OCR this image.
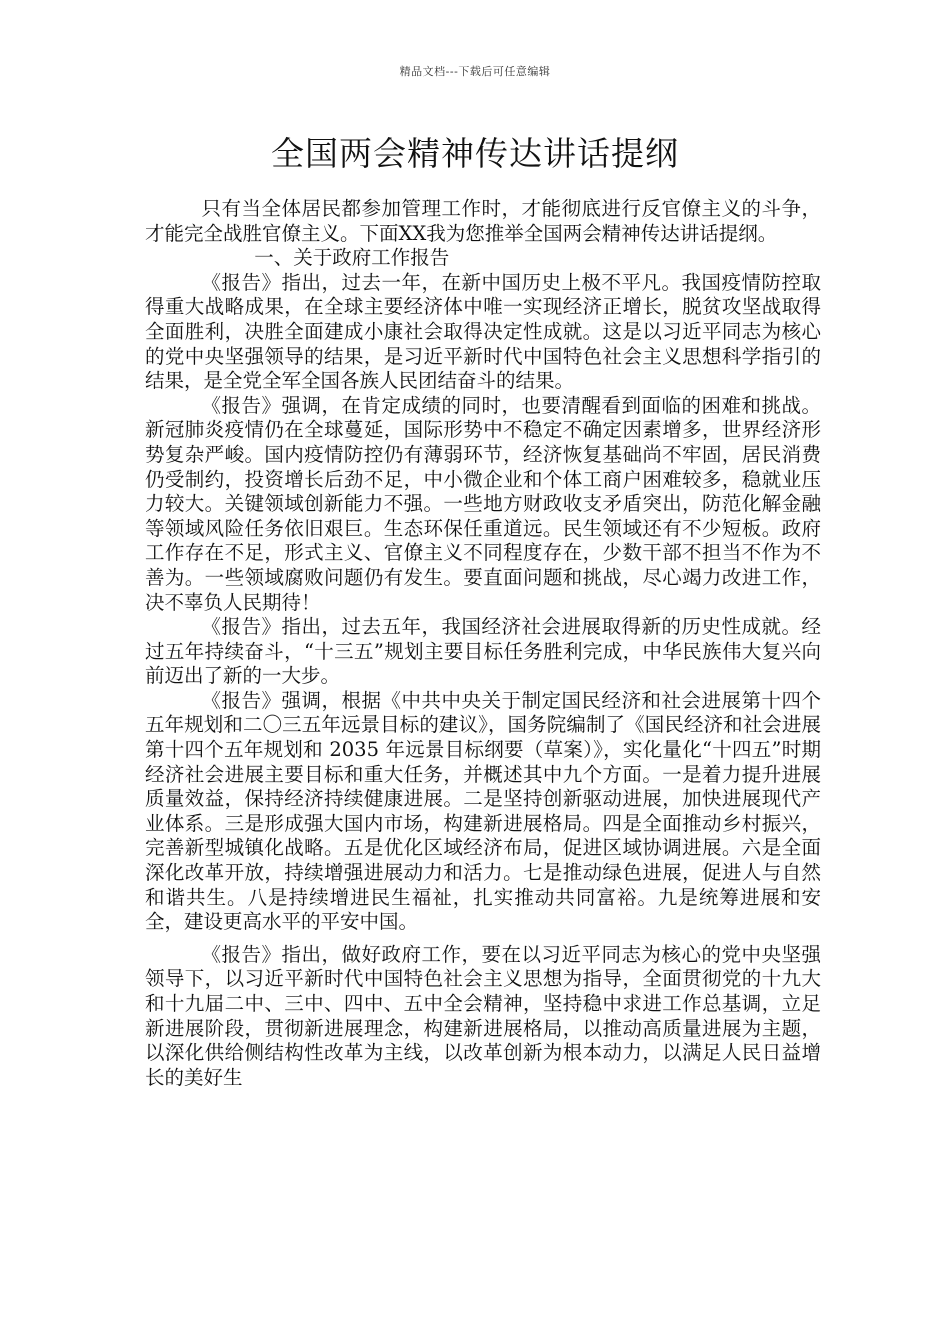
精品文档---下载后可任意编辑
全国两会精神传达讲话提纲

只有当全体居民都参加管理工作时，才能彻底进行反官僚主义的斗争，才能完全战胜官僚主义。下面XX我为您推举全国两会精神传达讲话提纲。

一、关于政府工作报告

《报告》指出，过去一年，在新中国历史上极不平凡。我国疫情防控取得重大战略成果，在全球主要经济体中唯一实现经济正增长，脱贫攻坚战取得全面胜利，决胜全面建成小康社会取得决定性成就。这是以习近平同志为核心的党中央坚强领导的结果，是习近平新时代中国特色社会主义思想科学指引的结果，是全党全军全国各族人民团结奋斗的结果。

《报告》强调，在肯定成绩的同时，也要清醒看到面临的困难和挑战。新冠肺炎疫情仍在全球蔓延，国际形势中不稳定不确定因素增多，世界经济形势复杂严峻。国内疫情防控仍有薄弱环节，经济恢复基础尚不牢固，居民消费仍受制约，投资增长后劲不足，中小微企业和个体工商户困难较多，稳就业压力较大。关键领域创新能力不强。一些地方财政收支矛盾突出，防范化解金融等领域风险任务依旧艰巨。生态环保任重道远。民生领域还有不少短板。政府工作存在不足，形式主义、官僚主义不同程度存在，少数干部不担当不作为不善为。一些领域腐败问题仍有发生。要直面问题和挑战，尽心竭力改进工作，决不辜负人民期待！

《报告》指出，过去五年，我国经济社会进展取得新的历史性成就。经过五年持续奋斗，“十三五”规划主要目标任务胜利完成，中华民族伟大复兴向前迈出了新的一大步。

《报告》强调，根据《中共中央关于制定国民经济和社会进展第十四个五年规划和二〇三五年远景目标的建议》，国务院编制了《国民经济和社会进展第十四个五年规划和 2035 年远景目标纲要（草案）》，实化量化“十四五”时期经济社会进展主要目标和重大任务，并概述其中九个方面。一是着力提升进展质量效益，保持经济持续健康进展。二是坚持创新驱动进展，加快进展现代产业体系。三是形成强大国内市场，构建新进展格局。四是全面推动乡村振兴，完善新型城镇化战略。五是优化区域经济布局，促进区域协调进展。六是全面深化改革开放，持续增强进展动力和活力。七是推动绿色进展，促进人与自然和谐共生。八是持续增进民生福祉，扎实推动共同富裕。九是统筹进展和安全，建设更高水平的平安中国。

《报告》指出，做好政府工作，要在以习近平同志为核心的党中央坚强领导下，以习近平新时代中国特色社会主义思想为指导，全面贯彻党的十九大和十九届二中、三中、四中、五中全会精神，坚持稳中求进工作总基调，立足新进展阶段，贯彻新进展理念，构建新进展格局，以推动高质量进展为主题，以深化供给侧结构性改革为主线，以改革创新为根本动力，以满足人民日益增长的美好生
